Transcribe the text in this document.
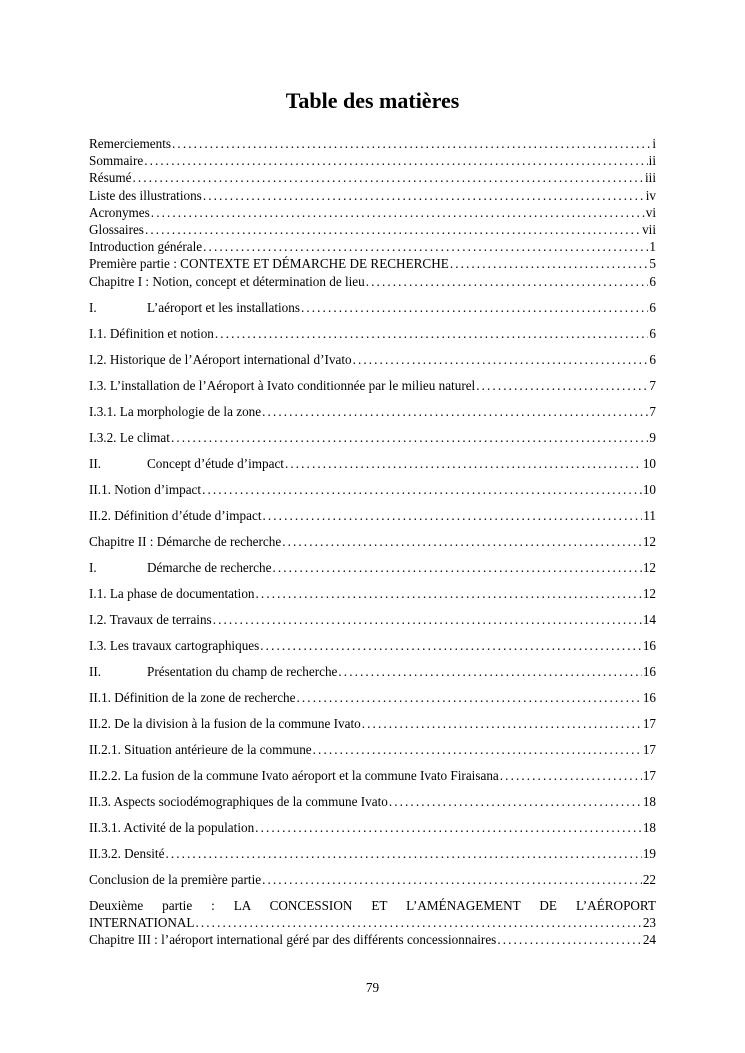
Table des matières
Remerciements .....	i
Sommaire .....	ii
Résumé .....	iii
Liste des illustrations .....	iv
Acronymes .....	vi
Glossaires .....	vii
Introduction générale .....	1
Première partie : CONTEXTE ET DÉMARCHE DE RECHERCHE .....	5
Chapitre I : Notion, concept et détermination de lieu .....	6
I.	L’aéroport et les installations .....	6
I.1. Définition et notion .....	6
I.2. Historique de l’Aéroport international d’Ivato .....	6
I.3. L’installation de l’Aéroport à Ivato conditionnée par le milieu naturel .....	7
I.3.1. La morphologie de la zone .....	7
I.3.2. Le climat .....	9
II.	Concept d’étude d’impact .....	10
II.1. Notion d’impact .....	10
II.2. Définition d’étude d’impact .....	11
Chapitre II : Démarche de recherche .....	12
I.	Démarche de recherche .....	12
I.1. La phase de documentation .....	12
I.2. Travaux de terrains .....	14
I.3. Les travaux cartographiques .....	16
II.	Présentation du champ de recherche .....	16
II.1. Définition de la zone de recherche .....	16
II.2. De la division à la fusion de la commune Ivato .....	17
II.2.1. Situation antérieure de la commune .....	17
II.2.2. La fusion de la commune Ivato aéroport et la commune Ivato Firaisana .....	17
II.3. Aspects sociodémographiques de la commune Ivato .....	18
II.3.1. Activité de la population .....	18
II.3.2. Densité .....	19
Conclusion de la première partie .....	22
Deuxième partie : LA CONCESSION ET L’AMÉNAGEMENT DE L’AÉROPORT
INTERNATIONAL .....	23
Chapitre III : l’aéroport international géré par des différents concessionnaires .....	24
79
